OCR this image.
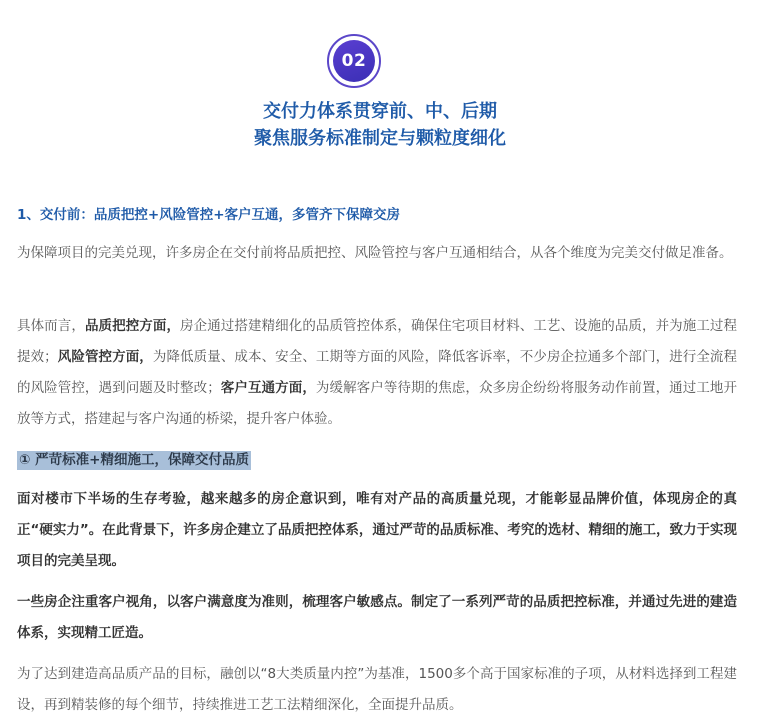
02
交付力体系贯穿前、中、后期
聚焦服务标准制定与颗粒度细化
1、交付前：品质把控+风险管控+客户互通，多管齐下保障交房
为保障项目的完美兑现，许多房企在交付前将品质把控、风险管控与客户互通相结合，从各个维度为完美交付做足准备。
具体而言，品质把控方面，房企通过搭建精细化的品质管控体系，确保住宅项目材料、工艺、设施的品质，并为施工过程提效；风险管控方面，为降低质量、成本、安全、工期等方面的风险，降低客诉率，不少房企拉通多个部门，进行全流程的风险管控，遇到问题及时整改；客户互通方面，为缓解客户等待期的焦虑，众多房企纷纷将服务动作前置，通过工地开放等方式，搭建起与客户沟通的桥梁，提升客户体验。
① 严苛标准+精细施工，保障交付品质
面对楼市下半场的生存考验，越来越多的房企意识到，唯有对产品的高质量兑现，才能彰显品牌价值，体现房企的真正“硬实力”。在此背景下，许多房企建立了品质把控体系，通过严苛的品质标准、考究的选材、精细的施工，致力于实现项目的完美呈现。
一些房企注重客户视角，以客户满意度为准则，梳理客户敏感点。制定了一系列严苛的品质把控标准，并通过先进的建造体系，实现精工匠造。
为了达到建造高品质产品的目标，融创以“8大类质量内控”为基准，1500多个高于国家标准的子项，从材料选择到工程建设，再到精装修的每个细节，持续推进工艺工法精细深化，全面提升品质。
